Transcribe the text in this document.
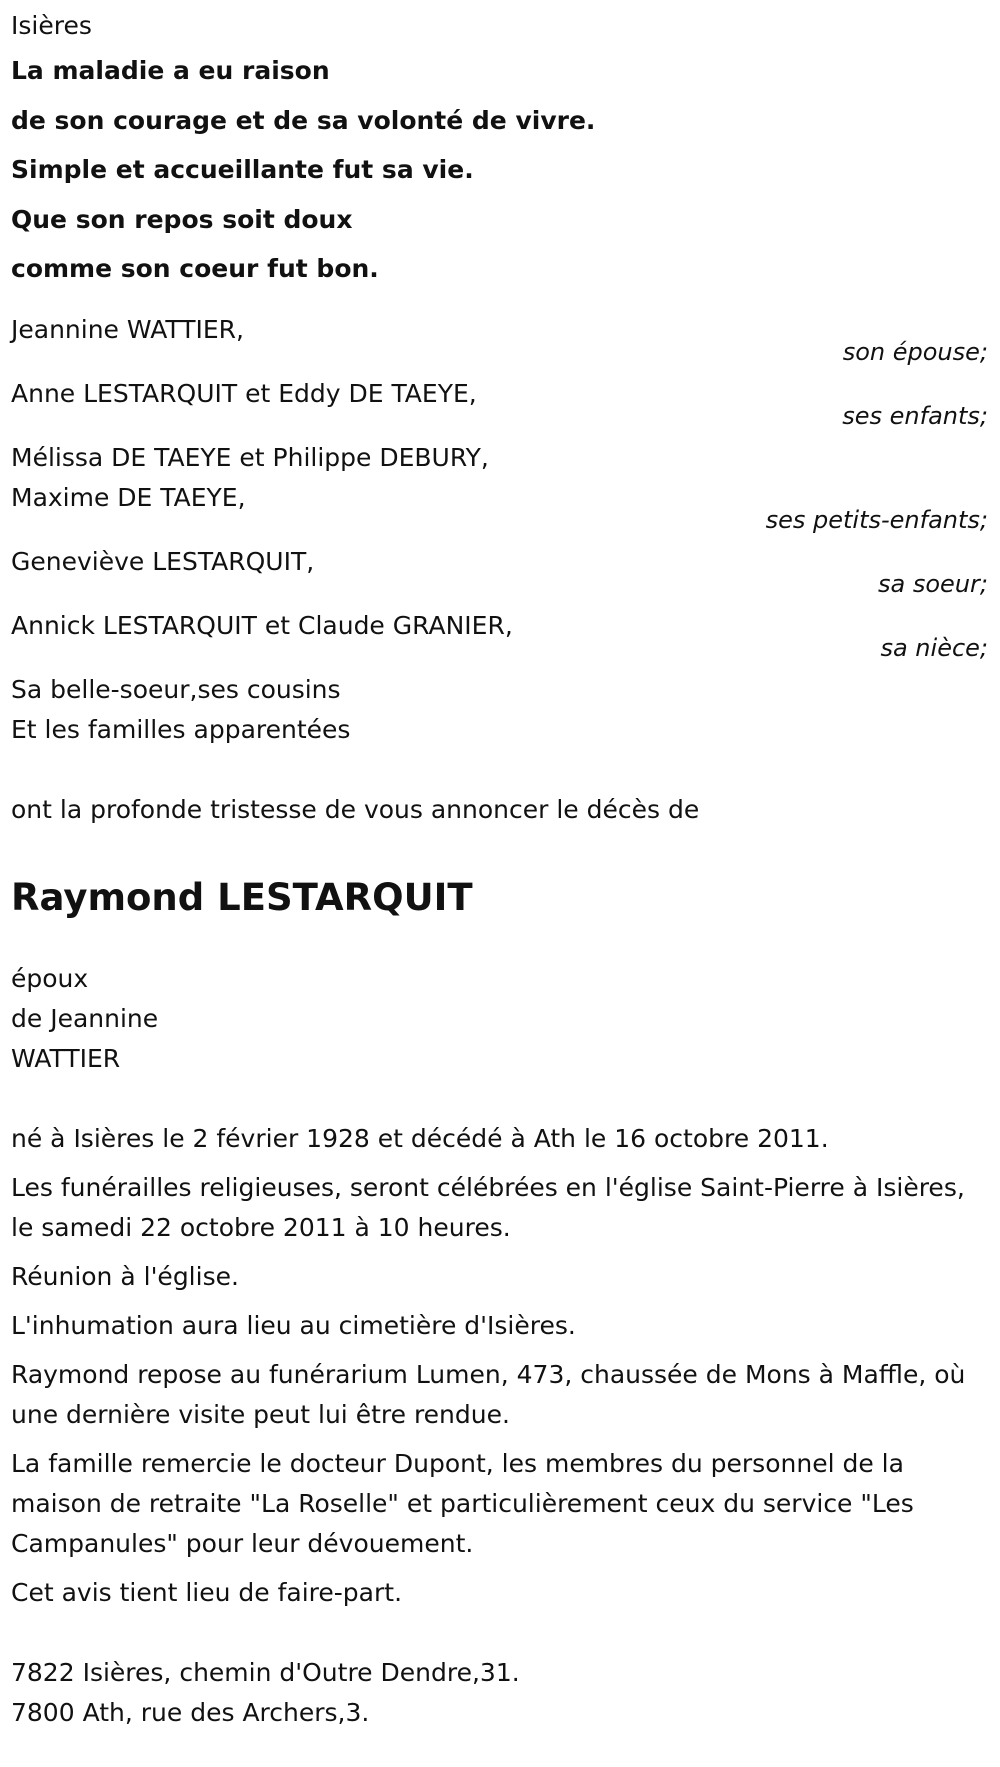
Isières
La maladie a eu raison
de son courage et de sa volonté de vivre.
Simple et accueillante fut sa vie.
Que son repos soit doux
comme son coeur fut bon.
Jeannine WATTIER,
son épouse;
Anne LESTARQUIT et Eddy DE TAEYE,
ses enfants;
Mélissa DE TAEYE et Philippe DEBURY,
Maxime DE TAEYE,
ses petits-enfants;
Geneviève LESTARQUIT,
sa soeur;
Annick LESTARQUIT et Claude GRANIER,
sa nièce;
Sa belle-soeur,ses cousins
Et les familles apparentées
ont la profonde tristesse de vous annoncer le décès de
Raymond LESTARQUIT
époux
de Jeannine
WATTIER
né à Isières le 2 février 1928 et décédé à Ath le 16 octobre 2011.
Les funérailles religieuses, seront célébrées en l'église Saint-Pierre à Isières, le samedi 22 octobre 2011 à 10 heures.
Réunion à l'église.
L'inhumation aura lieu au cimetière d'Isières.
Raymond repose au funérarium Lumen, 473, chaussée de Mons à Maffle, où une dernière visite peut lui être rendue.
La famille remercie le docteur Dupont, les membres du personnel de la maison de retraite "La Roselle" et particulièrement ceux du service "Les Campanules" pour leur dévouement.
Cet avis tient lieu de faire-part.
7822 Isières, chemin d'Outre Dendre,31.
7800 Ath, rue des Archers,3.
